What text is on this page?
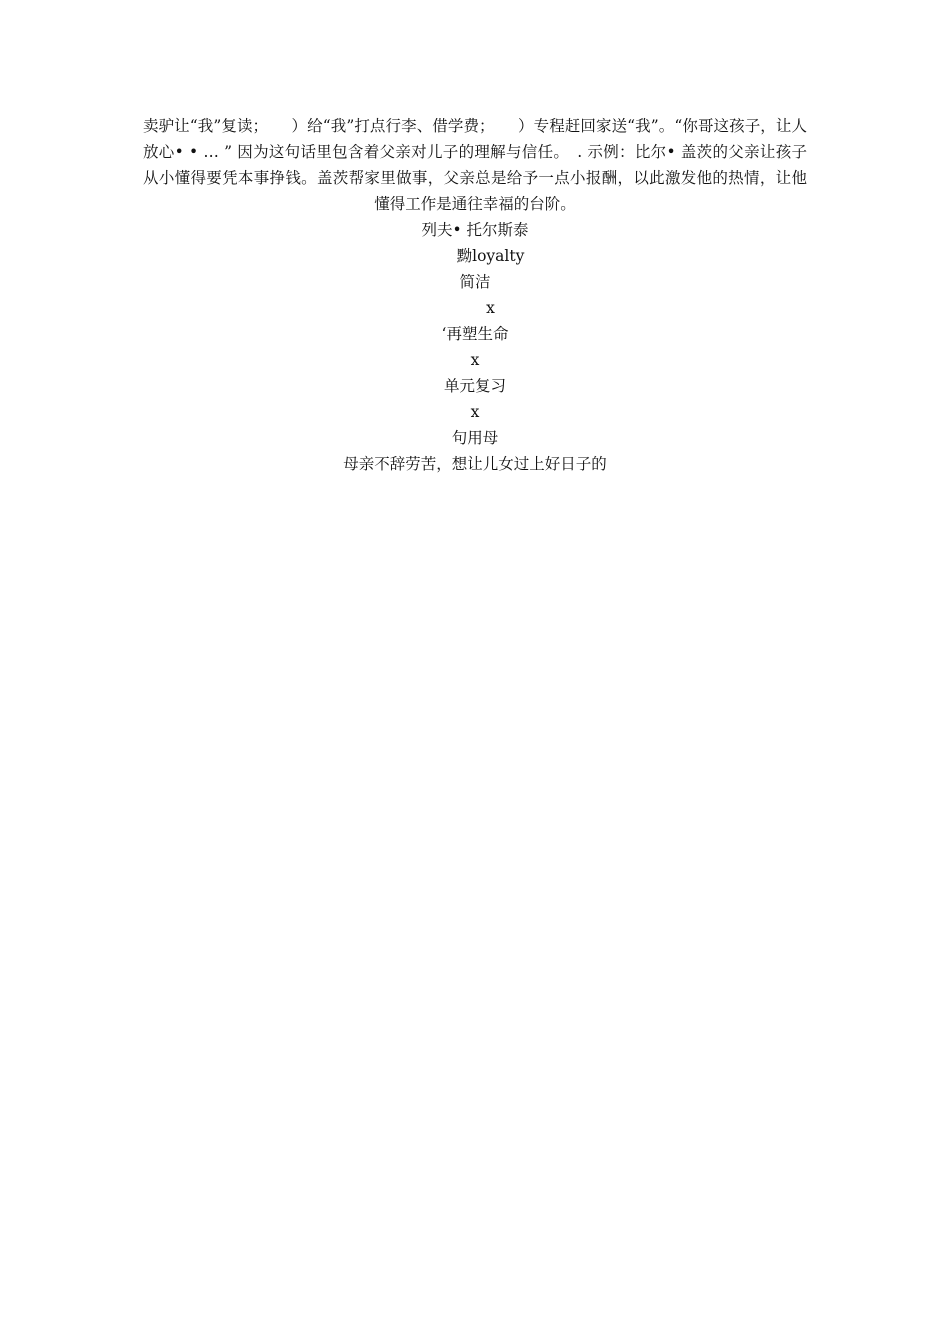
卖驴让“我”复读；　　）给“我”打点行李、借学费；　　）专程赶回家送“我”。“你哥这孩子，让人放心• • … ” 因为这句话里包含着父亲对儿子的理解与信任。　. 示例：比尔• 盖茨的父亲让孩子从小懂得要凭本事挣钱。盖茨帮家里做事，父亲总是给予一点小报酬，以此激发他的热情，让他懂得工作是通往幸福的台阶。

列夫• 托尔斯泰

黝loyalty

简洁

x

‘再塑生命

x

单元复习

x

句用母

母亲不辞劳苦，想让儿女过上好日子的
